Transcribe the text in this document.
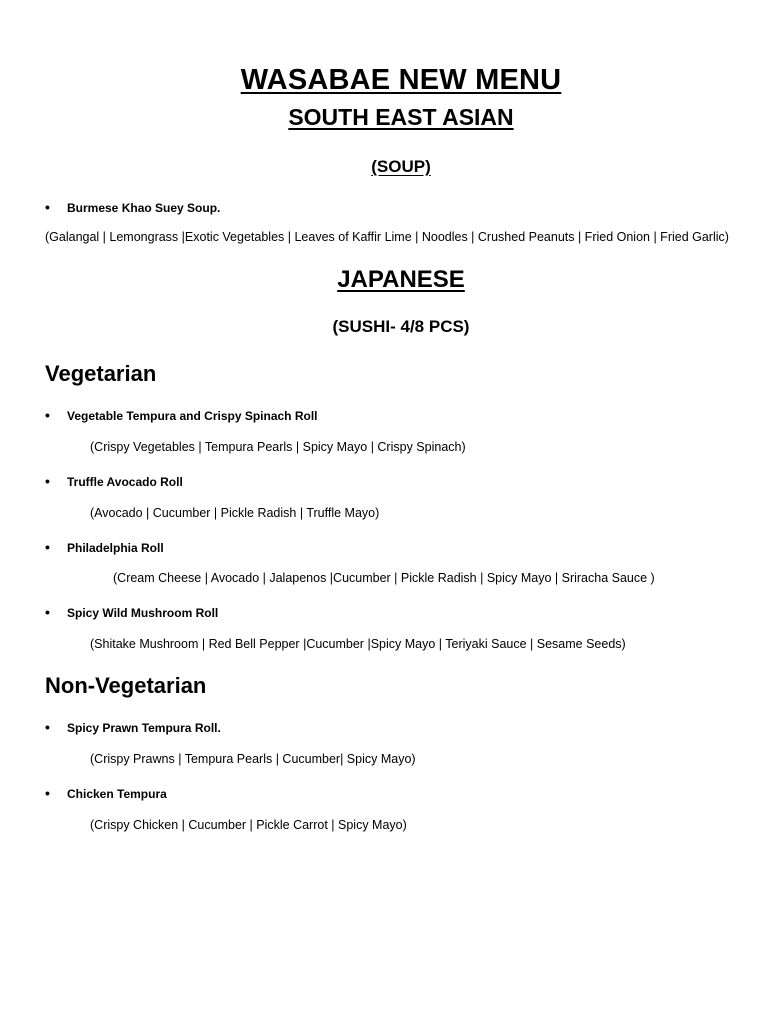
WASABAE NEW MENU
SOUTH EAST ASIAN
(SOUP)
• Burmese Khao Suey Soup.
(Galangal | Lemongrass |Exotic Vegetables | Leaves of Kaffir Lime | Noodles | Crushed Peanuts | Fried Onion | Fried Garlic)
JAPANESE
(SUSHI- 4/8 PCS)
Vegetarian
• Vegetable Tempura and Crispy Spinach Roll
(Crispy Vegetables | Tempura Pearls | Spicy Mayo | Crispy Spinach)
• Truffle Avocado Roll
(Avocado | Cucumber | Pickle Radish | Truffle Mayo)
• Philadelphia Roll
(Cream Cheese | Avocado | Jalapenos |Cucumber | Pickle Radish | Spicy Mayo | Sriracha Sauce )
• Spicy Wild Mushroom Roll
(Shitake Mushroom | Red Bell Pepper |Cucumber |Spicy Mayo | Teriyaki Sauce | Sesame Seeds)
Non-Vegetarian
• Spicy Prawn Tempura Roll.
(Crispy Prawns | Tempura Pearls | Cucumber| Spicy Mayo)
• Chicken Tempura
(Crispy Chicken | Cucumber | Pickle Carrot | Spicy Mayo)
